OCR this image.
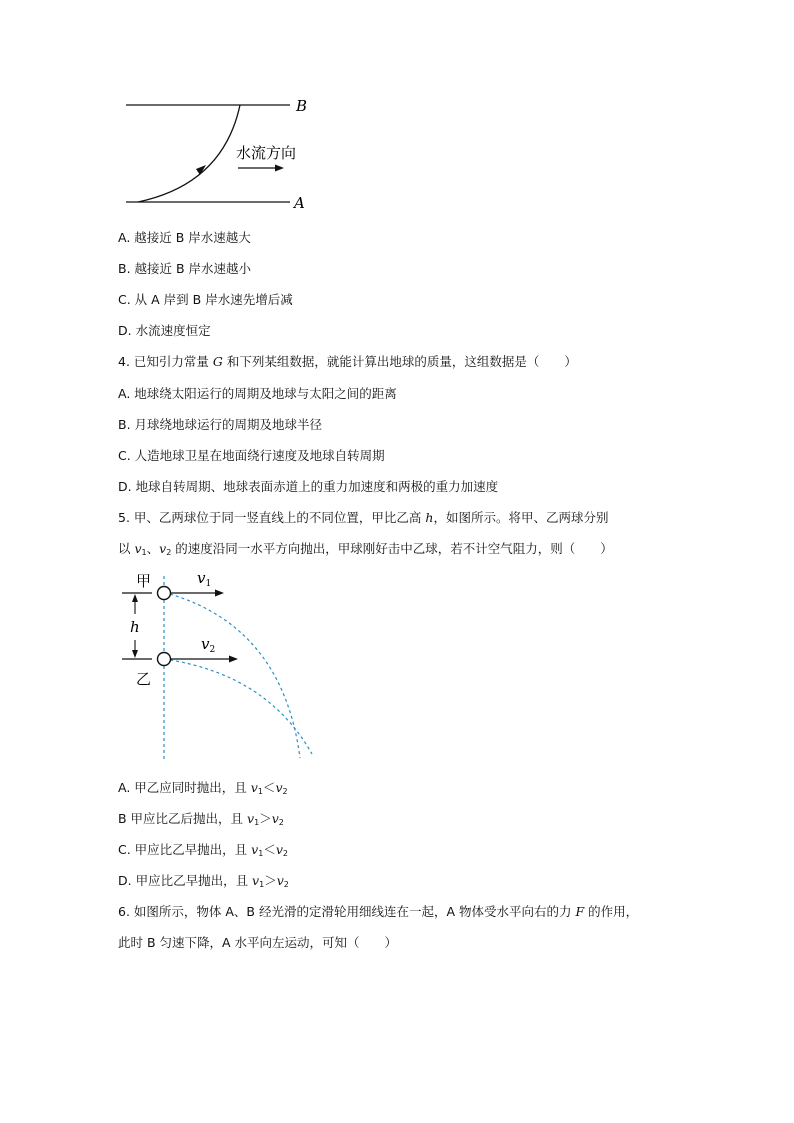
B
A
水流方向
A. 越接近 B 岸水速越大
B. 越接近 B 岸水速越小
C. 从 A 岸到 B 岸水速先增后减
D. 水流速度恒定
4. 已知引力常量 G 和下列某组数据，就能计算出地球的质量，这组数据是（　　）
A. 地球绕太阳运行的周期及地球与太阳之间的距离
B. 月球绕地球运行的周期及地球半径
C. 人造地球卫星在地面绕行速度及地球自转周期
D. 地球自转周期、地球表面赤道上的重力加速度和两极的重力加速度
5. 甲、乙两球位于同一竖直线上的不同位置，甲比乙高 h，如图所示。将甲、乙两球分别
以 $v_1$、$v_2$ 的速度沿同一水平方向抛出，甲球刚好击中乙球，若不计空气阻力，则（　　）
甲
乙
h
$v_1$
$v_2$
A. 甲乙应同时抛出，且 $v_1<v_2$
B 甲应比乙后抛出，且 $v_1>v_2$
C. 甲应比乙早抛出，且 $v_1<v_2$
D. 甲应比乙早抛出，且 $v_1>v_2$
6. 如图所示，物体 A、B 经光滑的定滑轮用细线连在一起，A 物体受水平向右的力 F 的作用，
此时 B 匀速下降，A 水平向左运动，可知（　　）
